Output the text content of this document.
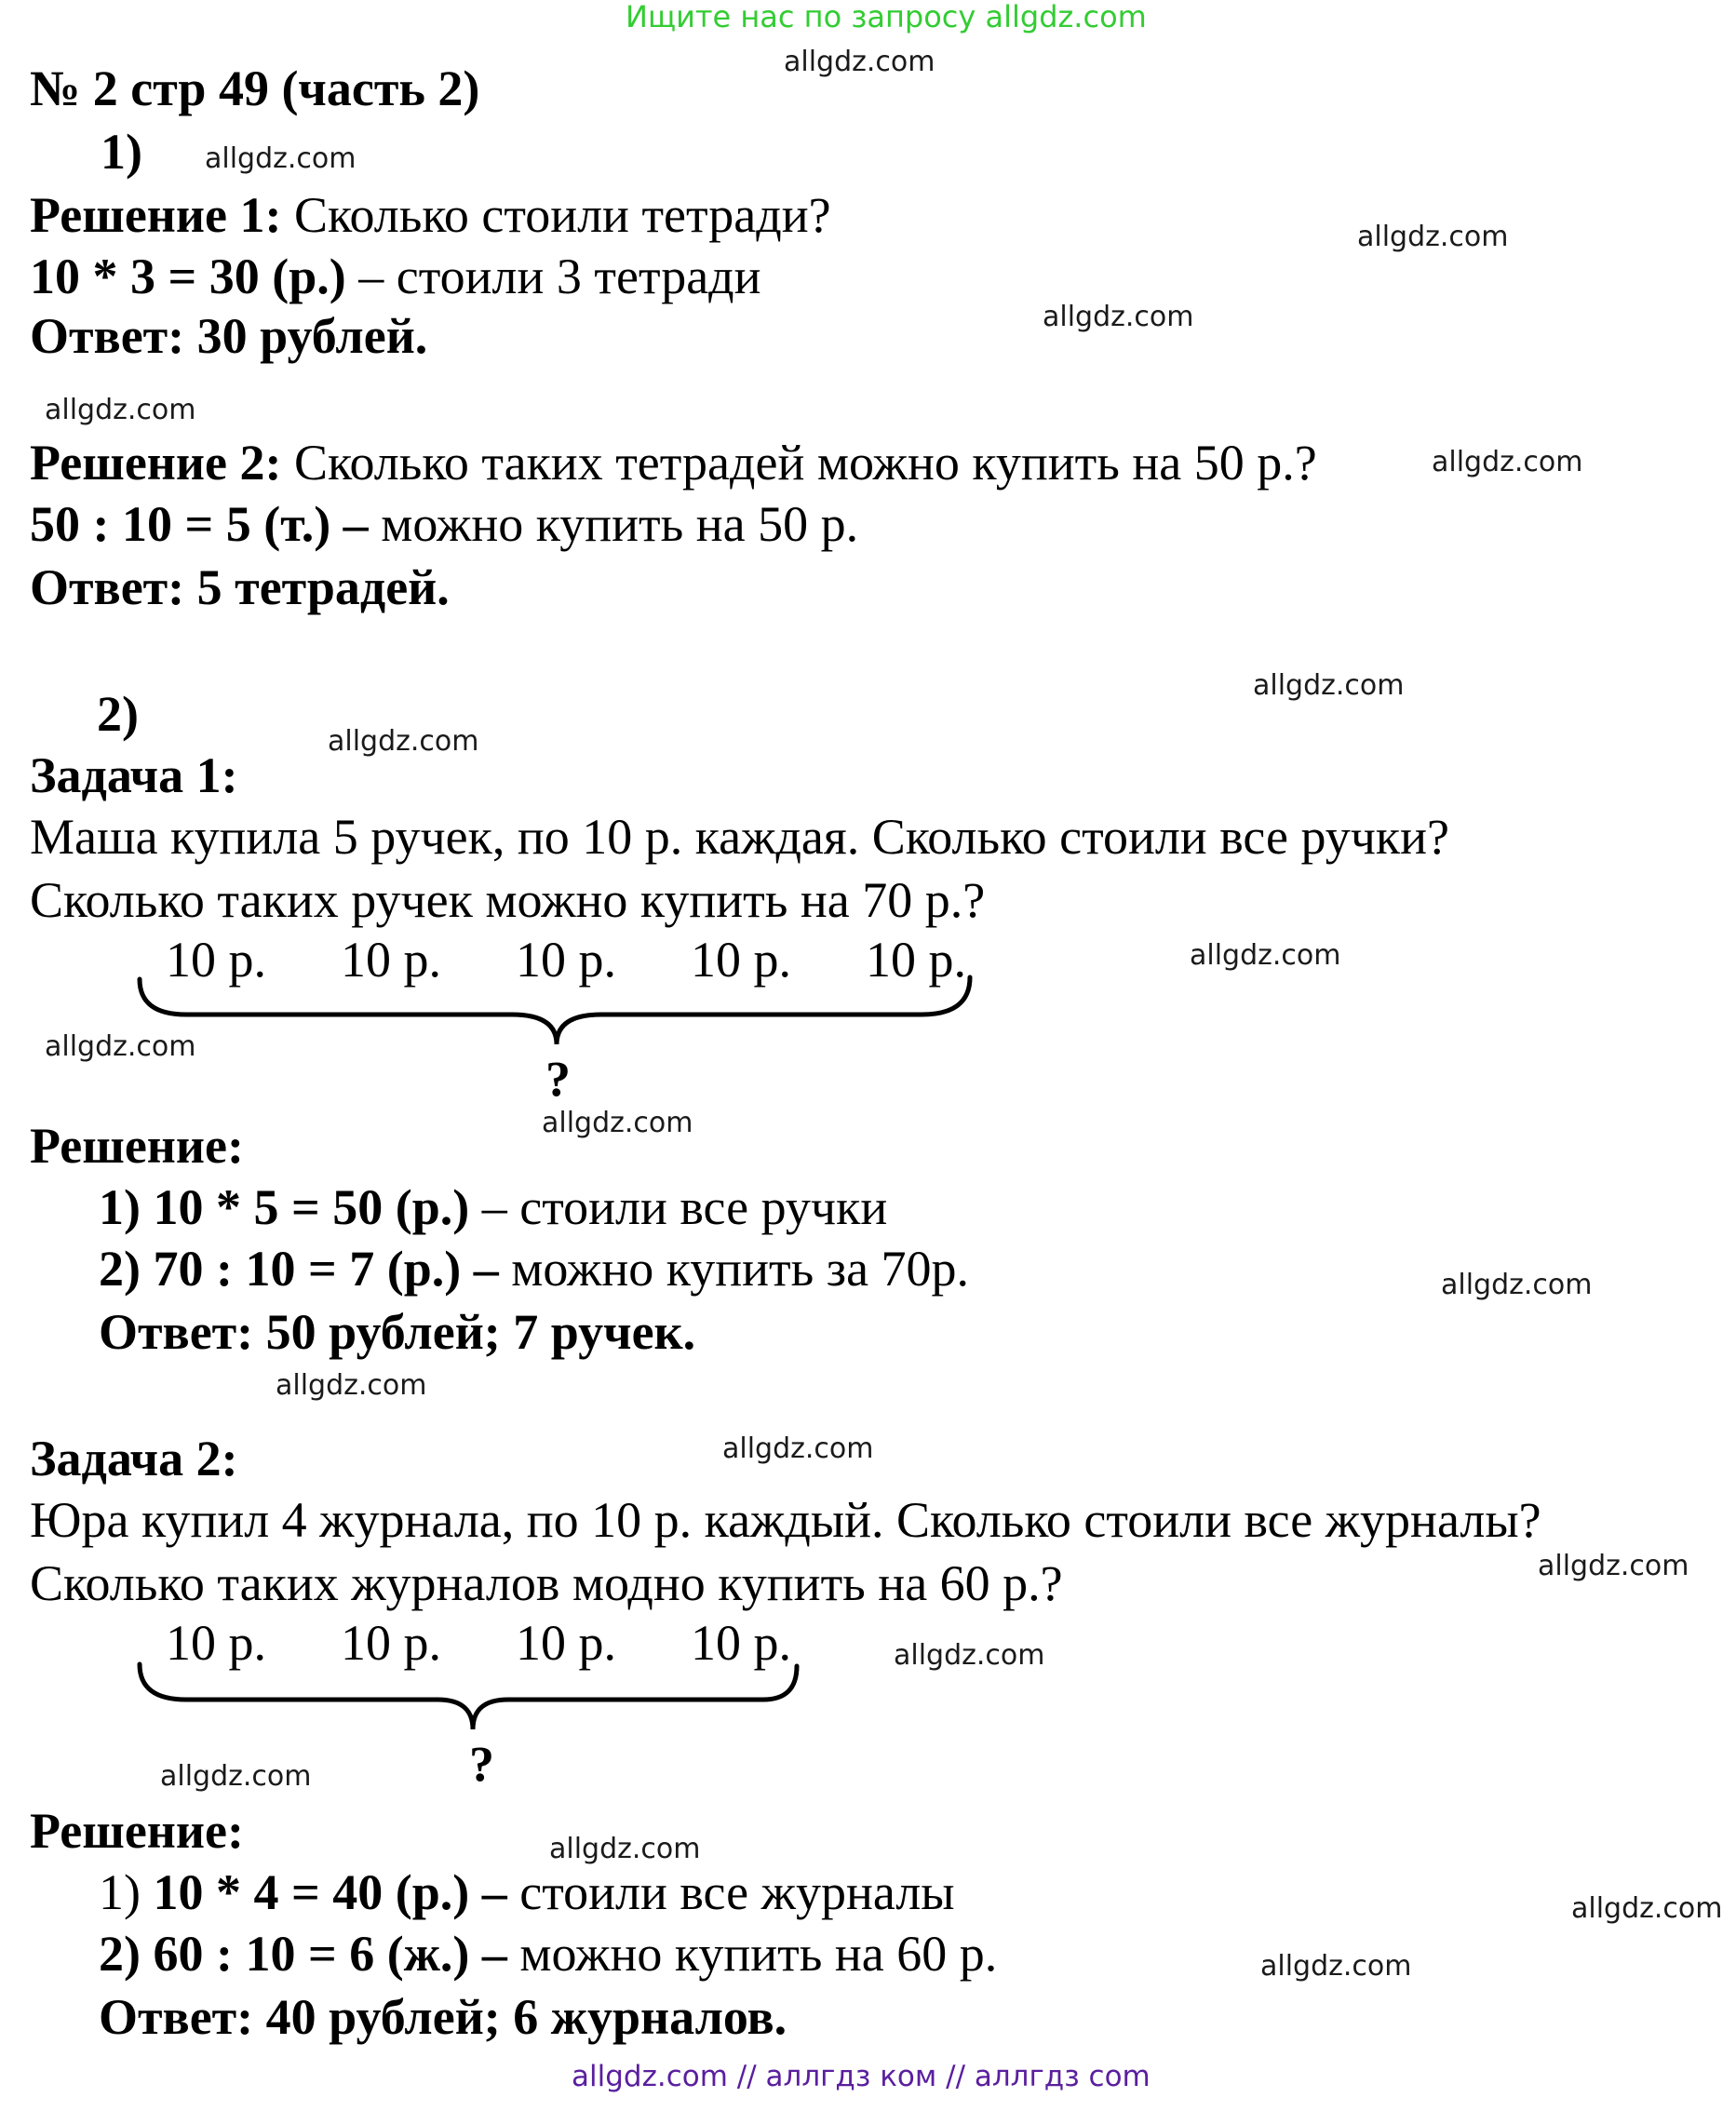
Ищите нас по запросу allgdz.com
№ 2 стр 49 (часть 2)
1)
Решение 1: Сколько стоили тетради?
10 * 3 = 30 (р.) – стоили 3 тетради
Ответ: 30 рублей.
Решение 2: Сколько таких тетрадей можно купить на 50 р.?
50 : 10 = 5 (т.) – можно купить на 50 р.
Ответ: 5 тетрадей.
2)
Задача 1:
Маша купила 5 ручек, по 10 р. каждая. Сколько стоили все ручки?
Сколько таких ручек можно купить на 70 р.?
10 р. 10 р. 10 р. 10 р. 10 р.
?
Решение:
1) 10 * 5 = 50 (р.) – стоили все ручки
2) 70 : 10 = 7 (р.) – можно купить за 70р.
Ответ: 50 рублей; 7 ручек.
Задача 2:
Юра купил 4 журнала, по 10 р. каждый. Сколько стоили все журналы?
Сколько таких журналов модно купить на 60 р.?
10 р. 10 р. 10 р. 10 р.
?
Решение:
1) 10 * 4 = 40 (р.) – стоили все журналы
2) 60 : 10 = 6 (ж.) – можно купить на 60 р.
Ответ: 40 рублей; 6 журналов.
allgdz.com
allgdz.com
allgdz.com
allgdz.com
allgdz.com
allgdz.com
allgdz.com
allgdz.com
allgdz.com
allgdz.com
allgdz.com
allgdz.com
allgdz.com
allgdz.com
allgdz.com
allgdz.com
allgdz.com
allgdz.com
allgdz.com
allgdz.com
allgdz.com // аллгдз ком // аллгдз com
